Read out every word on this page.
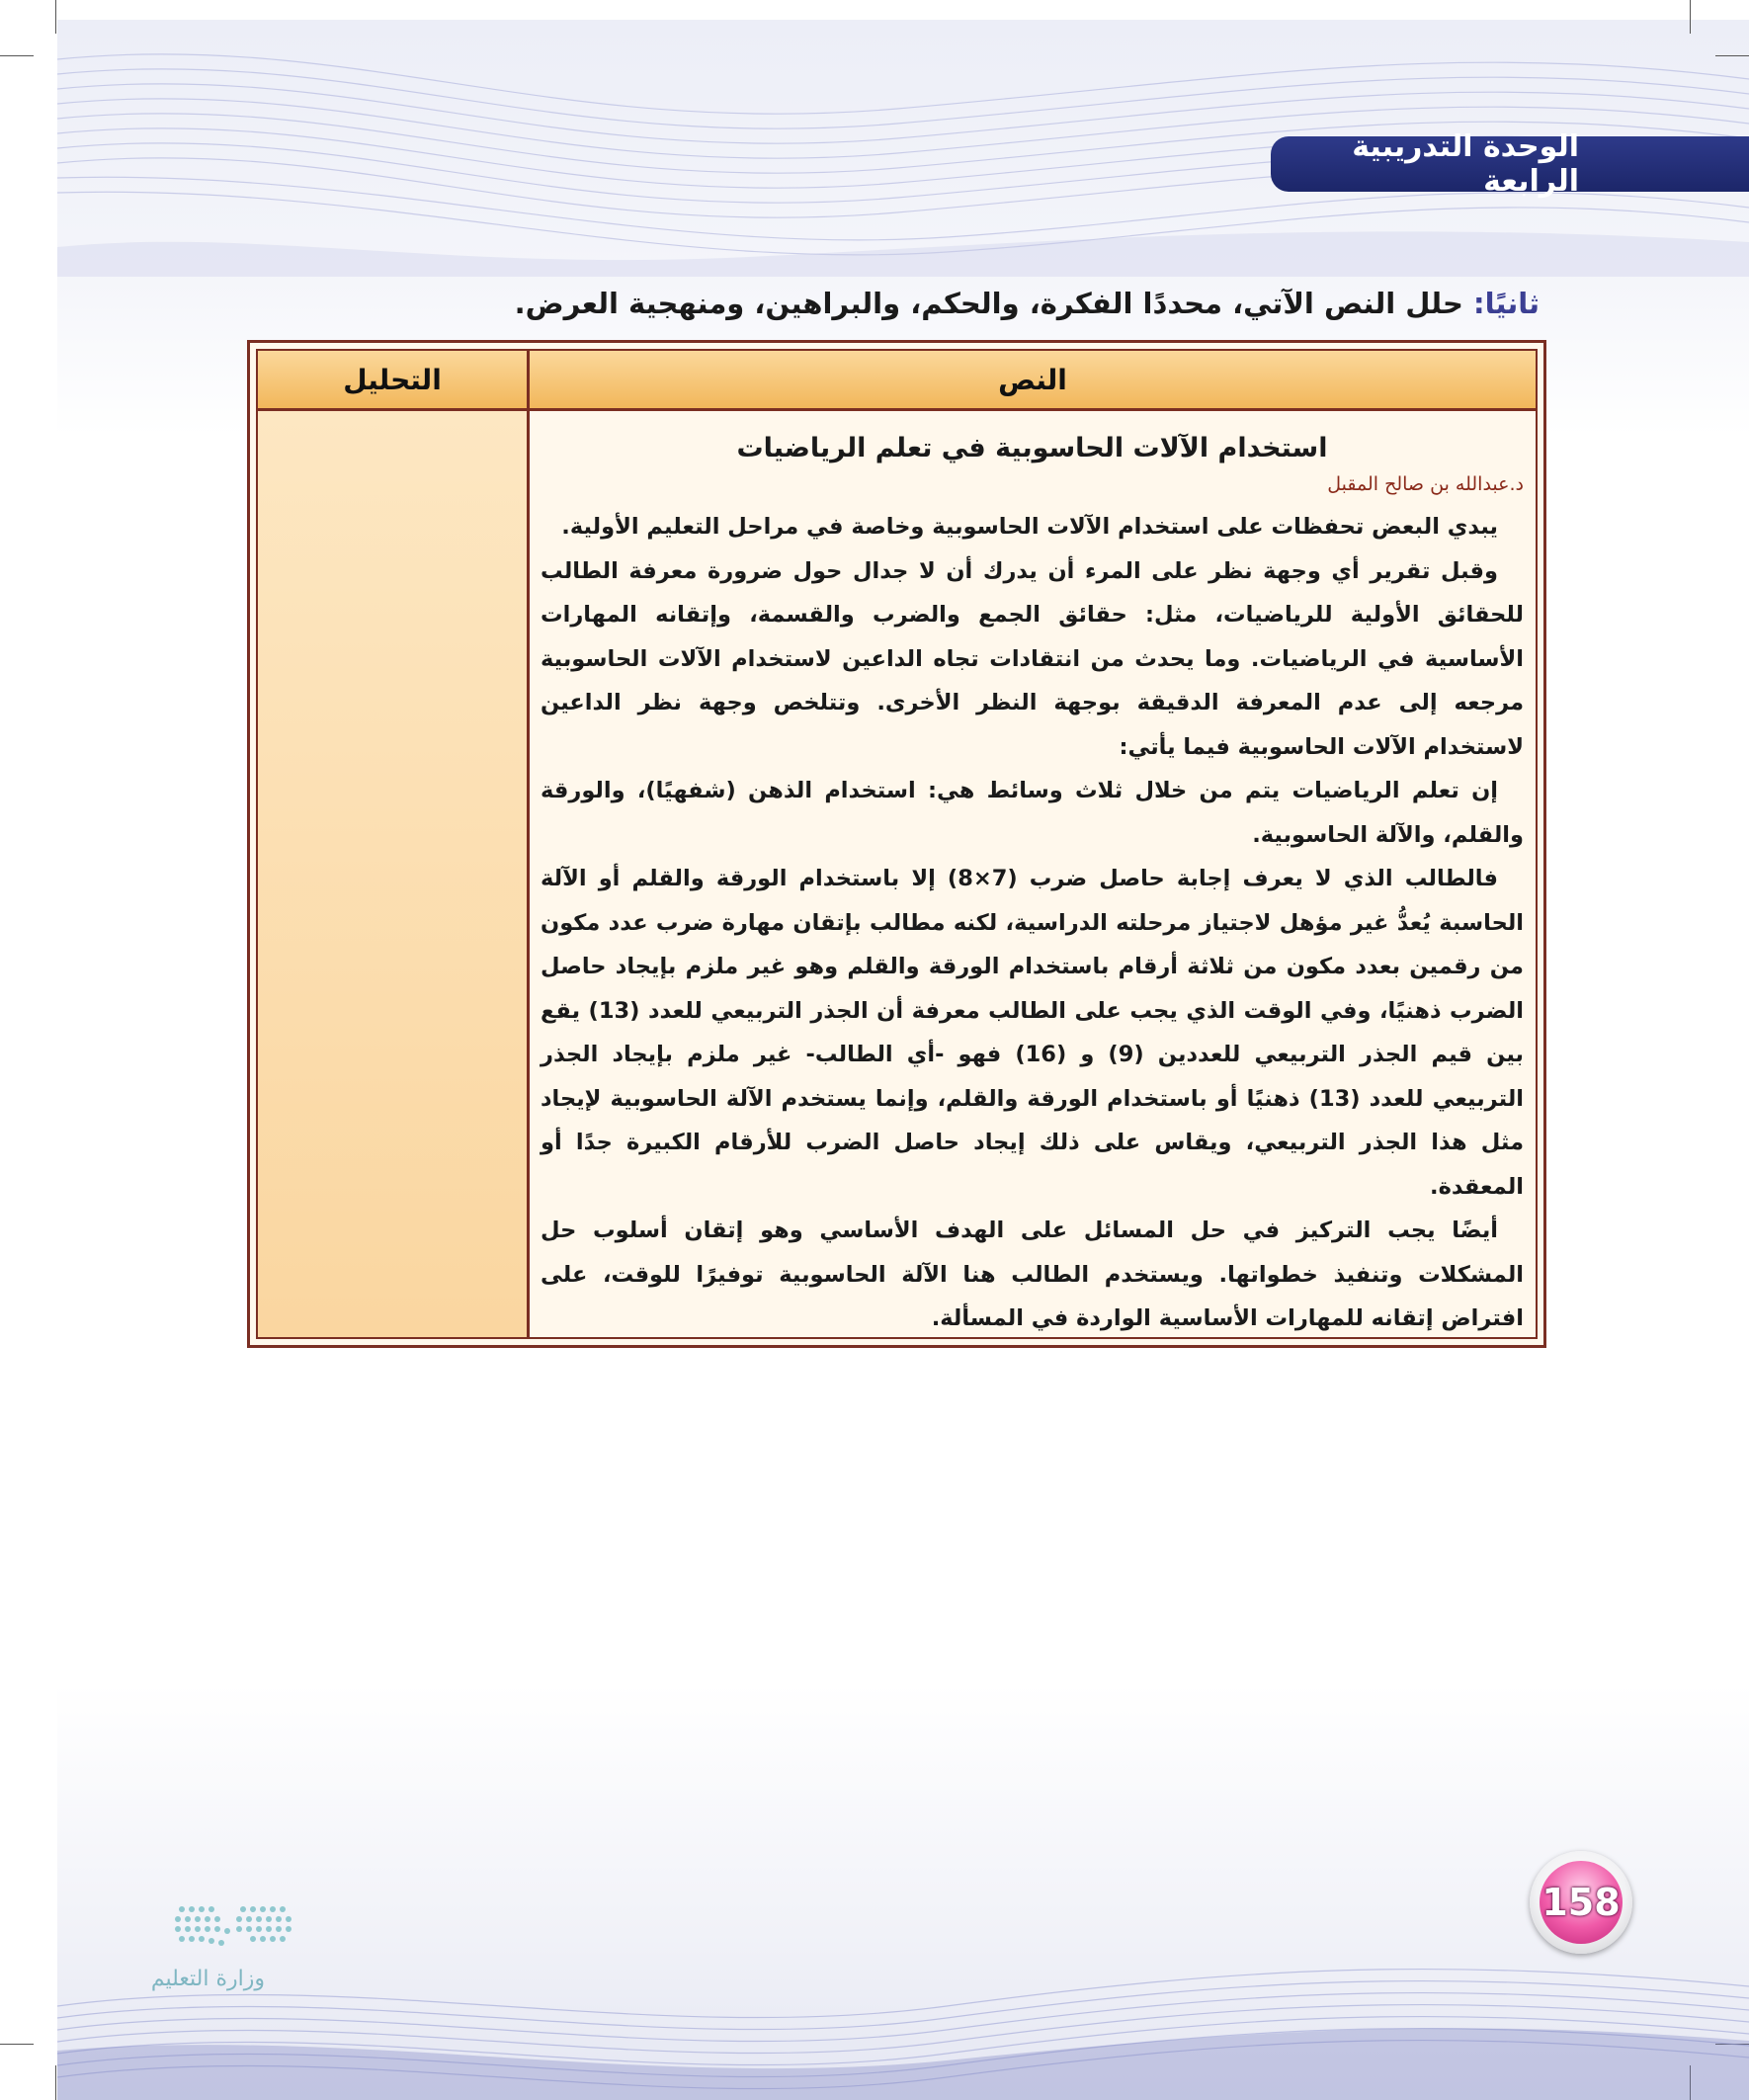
الوحدة التدريبية الرابعة
ثانيًا: حلل النص الآتي، محددًا الفكرة، والحكم، والبراهين، ومنهجية العرض.
النص
التحليل
استخدام الآلات الحاسوبية في تعلم الرياضيات
د.عبدالله بن صالح المقبل

يبدي البعض تحفظات على استخدام الآلات الحاسوبية وخاصة في مراحل التعليم الأولية.

وقبل تقرير أي وجهة نظر على المرء أن يدرك أن لا جدال حول ضرورة معرفة الطالب للحقائق الأولية للرياضيات، مثل: حقائق الجمع والضرب والقسمة، وإتقانه المهارات الأساسية في الرياضيات. وما يحدث من انتقادات تجاه الداعين لاستخدام الآلات الحاسوبية مرجعه إلى عدم المعرفة الدقيقة بوجهة النظر الأخرى. وتتلخص وجهة نظر الداعين لاستخدام الآلات الحاسوبية فيما يأتي:

إن تعلم الرياضيات يتم من خلال ثلاث وسائط هي: استخدام الذهن (شفهيًا)، والورقة والقلم، والآلة الحاسوبية.

فالطالب الذي لا يعرف إجابة حاصل ضرب (7×8) إلا باستخدام الورقة والقلم أو الآلة الحاسبة يُعدُّ غير مؤهل لاجتياز مرحلته الدراسية، لكنه مطالب بإتقان مهارة ضرب عدد مكون من رقمين بعدد مكون من ثلاثة أرقام باستخدام الورقة والقلم وهو غير ملزم بإيجاد حاصل الضرب ذهنيًا، وفي الوقت الذي يجب على الطالب معرفة أن الجذر التربيعي للعدد (13) يقع بين قيم الجذر التربيعي للعددين (9) و (16) فهو -أي الطالب- غير ملزم بإيجاد الجذر التربيعي للعدد (13) ذهنيًا أو باستخدام الورقة والقلم، وإنما يستخدم الآلة الحاسوبية لإيجاد مثل هذا الجذر التربيعي، ويقاس على ذلك إيجاد حاصل الضرب للأرقام الكبيرة جدًا أو المعقدة.

أيضًا يجب التركيز في حل المسائل على الهدف الأساسي وهو إتقان أسلوب حل المشكلات وتنفيذ خطواتها. ويستخدم الطالب هنا الآلة الحاسوبية توفيرًا للوقت، على افتراض إتقانه للمهارات الأساسية الواردة في المسألة.

وزارة التعليم
158
